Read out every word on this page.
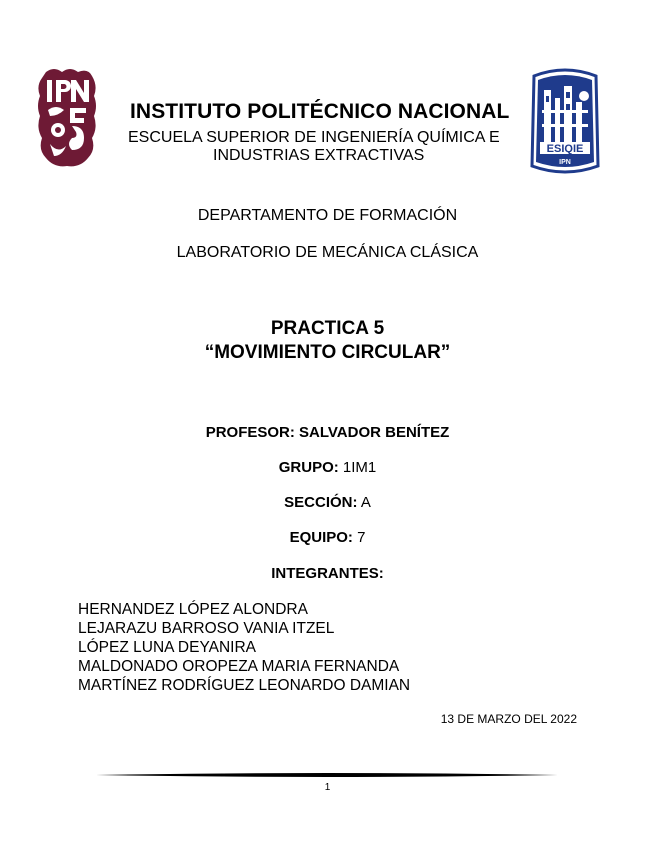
ESIQIE
IPN
INSTITUTO POLITÉCNICO NACIONAL
ESCUELA SUPERIOR DE INGENIERÍA QUÍMICA E
INDUSTRIAS EXTRACTIVAS
DEPARTAMENTO DE FORMACIÓN
LABORATORIO DE MECÁNICA CLÁSICA
PRACTICA 5
“MOVIMIENTO CIRCULAR”
PROFESOR: SALVADOR BENÍTEZ
GRUPO: 1IM1
SECCIÓN: A
EQUIPO: 7
INTEGRANTES:
HERNANDEZ LÓPEZ ALONDRA
LEJARAZU BARROSO VANIA ITZEL
LÓPEZ LUNA DEYANIRA
MALDONADO OROPEZA MARIA FERNANDA
MARTÍNEZ RODRÍGUEZ LEONARDO DAMIAN
13 DE MARZO DEL 2022
1
